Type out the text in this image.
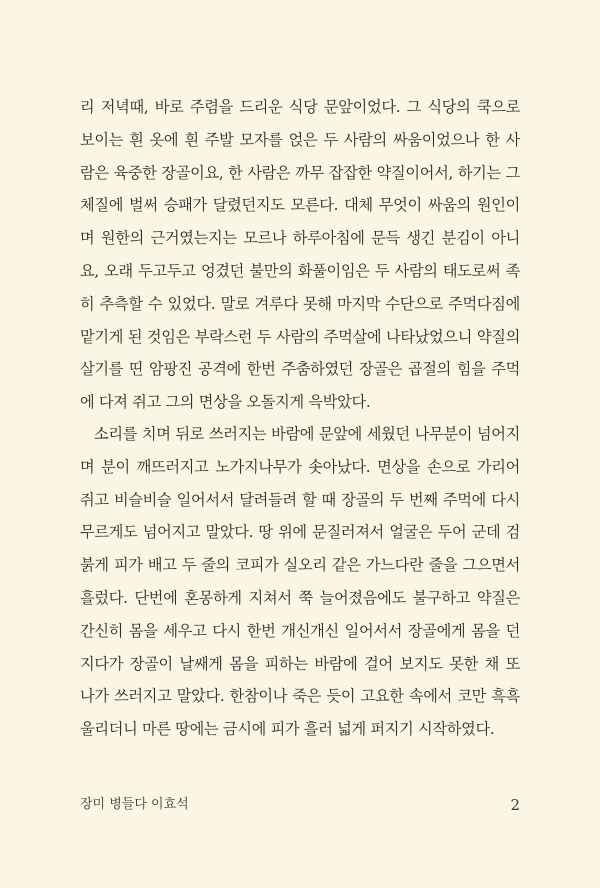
리 저녁때, 바로 주렴을 드리운 식당 문앞이었다. 그 식당의 쿡으로
보이는 흰 옷에 흰 주발 모자를 얹은 두 사람의 싸움이었으나 한 사
람은 육중한 장골이요, 한 사람은 까무 잡잡한 약질이어서, 하기는 그
체질에 벌써 승패가 달렸던지도 모른다. 대체 무엇이 싸움의 원인이
며 원한의 근거였는지는 모르나 하루아침에 문득 생긴 분김이 아니
요, 오래 두고두고 엉겼던 불만의 화풀이임은 두 사람의 태도로써 족
히 추측할 수 있었다. 말로 겨루다 못해 마지막 수단으로 주먹다짐에
맡기게 된 것임은 부락스런 두 사람의 주먹살에 나타났었으니 약질의
살기를 띤 암팡진 공격에 한번 주춤하였던 장골은 곱절의 힘을 주먹
에 다져 쥐고 그의 면상을 오돌지게 윽박았다.
소리를 치며 뒤로 쓰러지는 바람에 문앞에 세웠던 나무분이 넘어지
며 분이 깨뜨러지고 노가지나무가 솟아났다. 면상을 손으로 가리어
쥐고 비슬비슬 일어서서 달려들려 할 때 장골의 두 번째 주먹에 다시
무르게도 넘어지고 말았다. 땅 위에 문질러져서 얼굴은 두어 군데 검
붉게 피가 배고 두 줄의 코피가 실오리 같은 가느다란 줄을 그으면서
흘렀다. 단번에 혼몽하게 지쳐서 쭉 늘어졌음에도 불구하고 약질은
간신히 몸을 세우고 다시 한번 개신개신 일어서서 장골에게 몸을 던
지다가 장골이 날쌔게 몸을 피하는 바람에 걸어 보지도 못한 채 또
나가 쓰러지고 말았다. 한참이나 죽은 듯이 고요한 속에서 코만 흑흑
울리더니 마른 땅에는 금시에 피가 흘러 넓게 퍼지기 시작하였다.
장미 병들다 이효석	2
